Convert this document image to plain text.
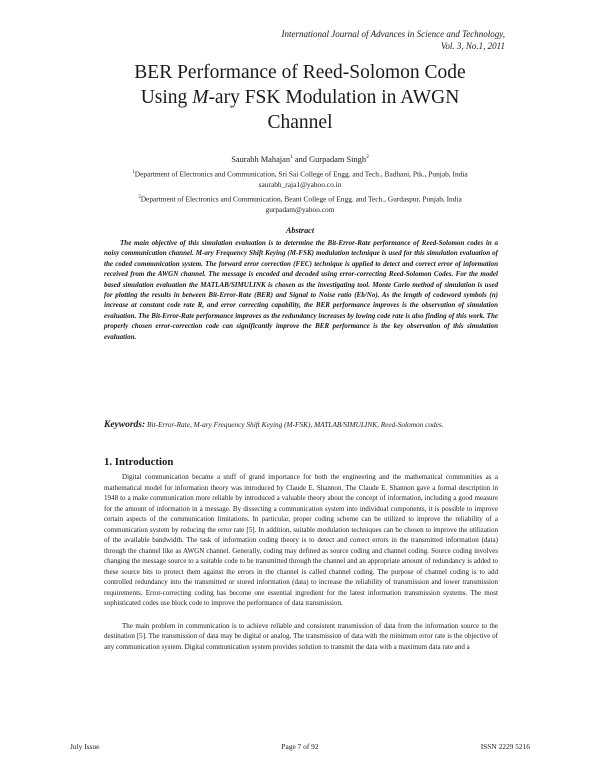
International Journal of Advances in Science and Technology,
Vol. 3, No.1, 2011
BER Performance of Reed-Solomon Code
Using M-ary FSK Modulation in AWGN
Channel
Saurabh Mahajan$^1$ and Gurpadam Singh$^2$
$^1$Department of Electronics and Communication, Sri Sai College of Engg. and Tech., Badhani, Ptk., Punjab, India
saurabh_raja1@yahoo.co.in
$^2$Department of Electronics and Communication, Beant College of Engg. and Tech., Gurdaspur, Punjab, India
gurpadam@yahoo.com
Abstract

The main objective of this simulation evaluation is to determine the Bit-Error-Rate performance of Reed-Solomon codes in a noisy communication channel. M-ary Frequency Shift Keying (M-FSK) modulation technique is used for this simulation evaluation of the coded communication system. The forward error correction (FEC) technique is applied to detect and correct error of information received from the AWGN channel. The message is encoded and decoded using error-correcting Reed-Solomon Codes. For the model based simulation evaluation the MATLAB/SIMULINK is chosen as the investigating tool. Monte Carlo method of simulation is used for plotting the results in between Bit-Error-Rate (BER) and Signal to Noise ratio (Eb/No). As the length of codeword symbols (n) increase at constant code rate R, and error correcting capability, the BER performance improves is the observation of simulation evaluation. The Bit-Error-Rate performance improves as the redundancy increases by lowing code rate is also finding of this work. The properly chosen error-correction code can significantly improve the BER performance is the key observation of this simulation evaluation.

Keywords: Bit-Error-Rate, M-ary Frequency Shift Keying (M-FSK), MATLAB/SIMULINK, Reed-Solomon codes.
1. Introduction

Digital communication became a stuff of grand importance for both the engineering and the mathematical communities as a mathematical model for information theory was introduced by Claude E. Shannon. The Claude E. Shannon gave a formal description in 1948 to a make communication more reliable by introduced a valuable theory about the concept of information, including a good measure for the amount of information in a message. By dissecting a communication system into individual components, it is possible to improve certain aspects of the communication limitations. In particular, proper coding scheme can be utilized to improve the reliability of a communication system by reducing the error rate [5]. In addition, suitable modulation techniques can be chosen to improve the utilization of the available bandwidth. The task of information coding theory is to detect and correct errors in the transmitted information (data) through the channel like as AWGN channel. Generally, coding may defined as source coding and channel coding. Source coding involves changing the message source to a suitable code to be transmitted through the channel and an appropriate amount of redundancy is added to these source bits to protect them against the errors in the channel is called channel coding. The purpose of channel coding is to add controlled redundancy into the transmitted or stored information (data) to increase the reliability of transmission and lower transmission requirements. Error-correcting coding has become one essential ingredient for the latest information transmission systems. The most sophisticated codes use block code to improve the performance of data transmission.

The main problem in communication is to achieve reliable and consistent transmission of data from the information source to the destination [5]. The transmission of data may be digital or analog. The transmission of data with the minimum error rate is the objective of any communication system. Digital communication system provides solution to transmit the data with a maximum data rate and a

July Issue	Page 7 of 92	ISSN 2229 5216
